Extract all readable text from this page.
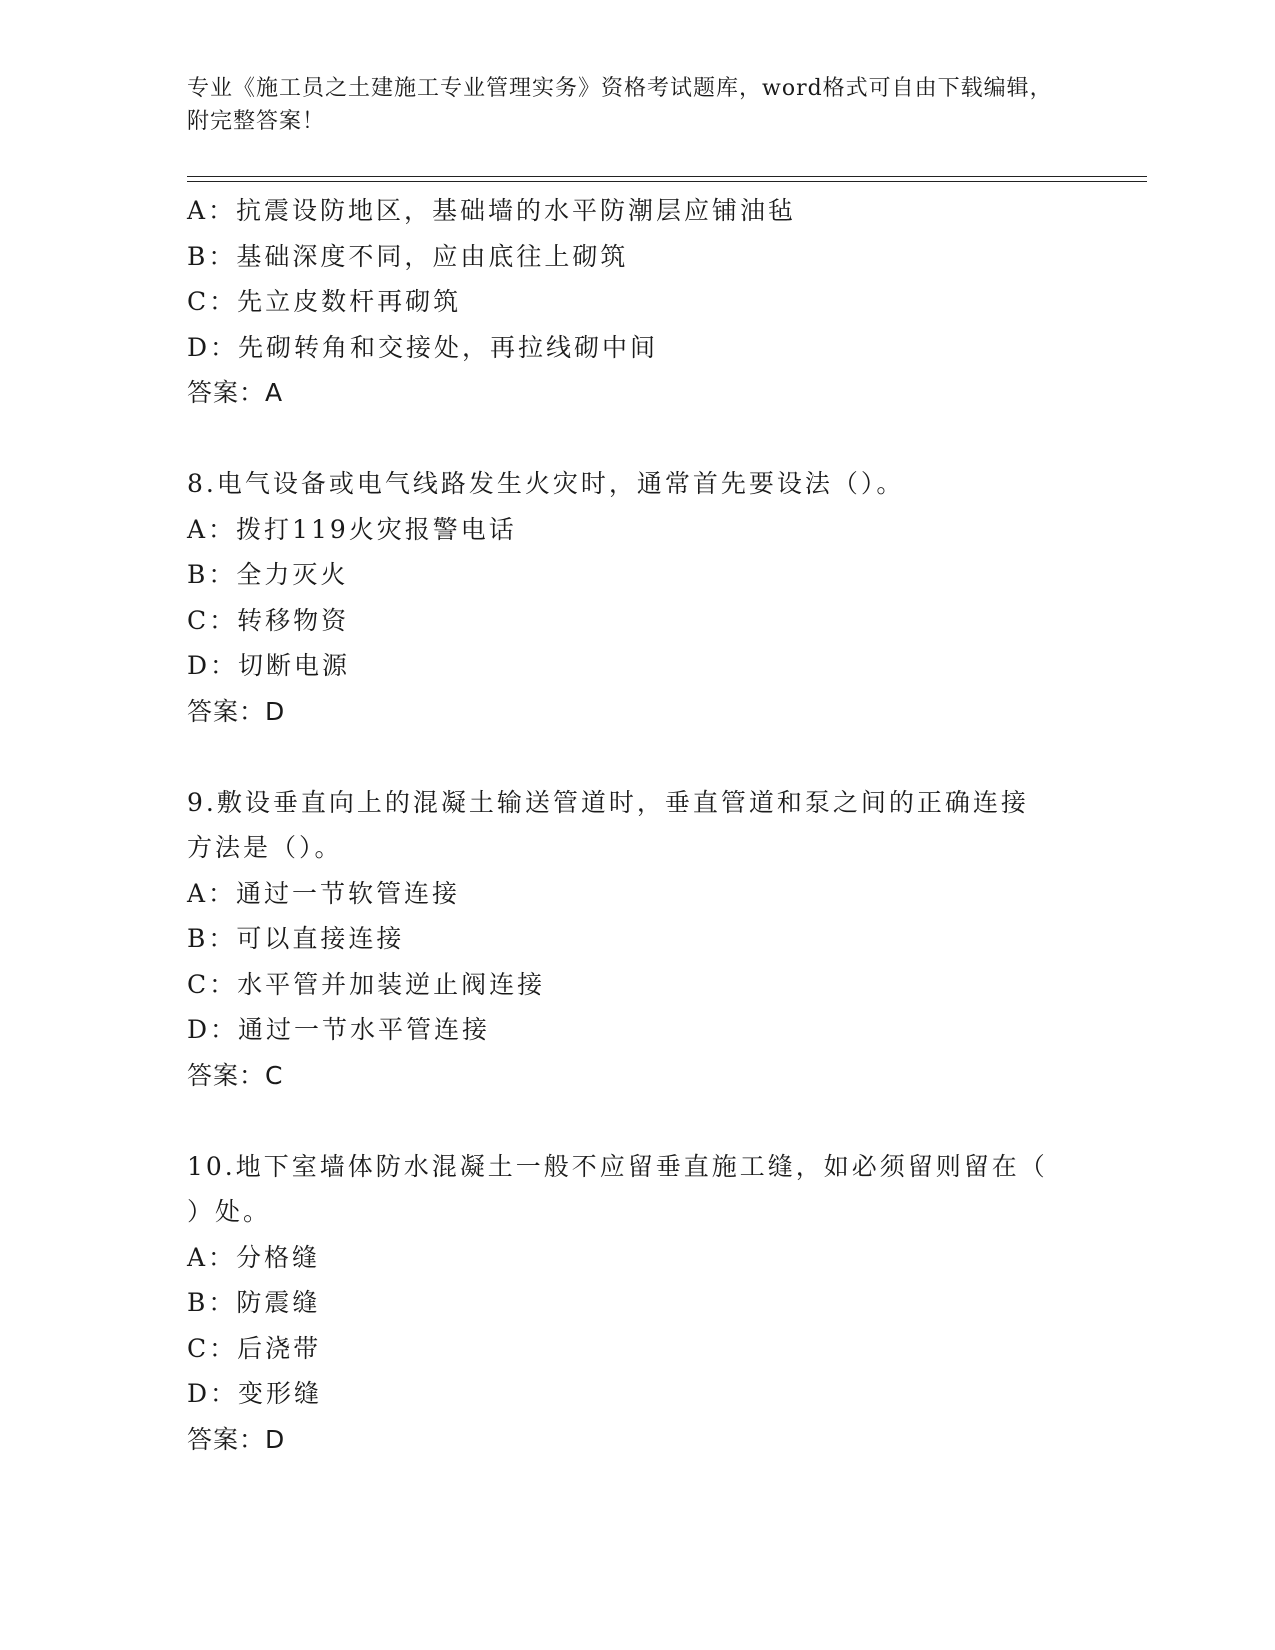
专业《施工员之土建施工专业管理实务》资格考试题库，word格式可自由下载编辑，附完整答案！
A：抗震设防地区，基础墙的水平防潮层应铺油毡
B：基础深度不同，应由底往上砌筑
C：先立皮数杆再砌筑
D：先砌转角和交接处，再拉线砌中间
答案：A
8.电气设备或电气线路发生火灾时，通常首先要设法（）。
A：拨打119火灾报警电话
B：全力灭火
C：转移物资
D：切断电源
答案：D
9.敷设垂直向上的混凝土输送管道时，垂直管道和泵之间的正确连接
方法是（）。
A：通过一节软管连接
B：可以直接连接
C：水平管并加装逆止阀连接
D：通过一节水平管连接
答案：C
10.地下室墙体防水混凝土一般不应留垂直施工缝，如必须留则留在（
）处。
A：分格缝
B：防震缝
C：后浇带
D：变形缝
答案：D
